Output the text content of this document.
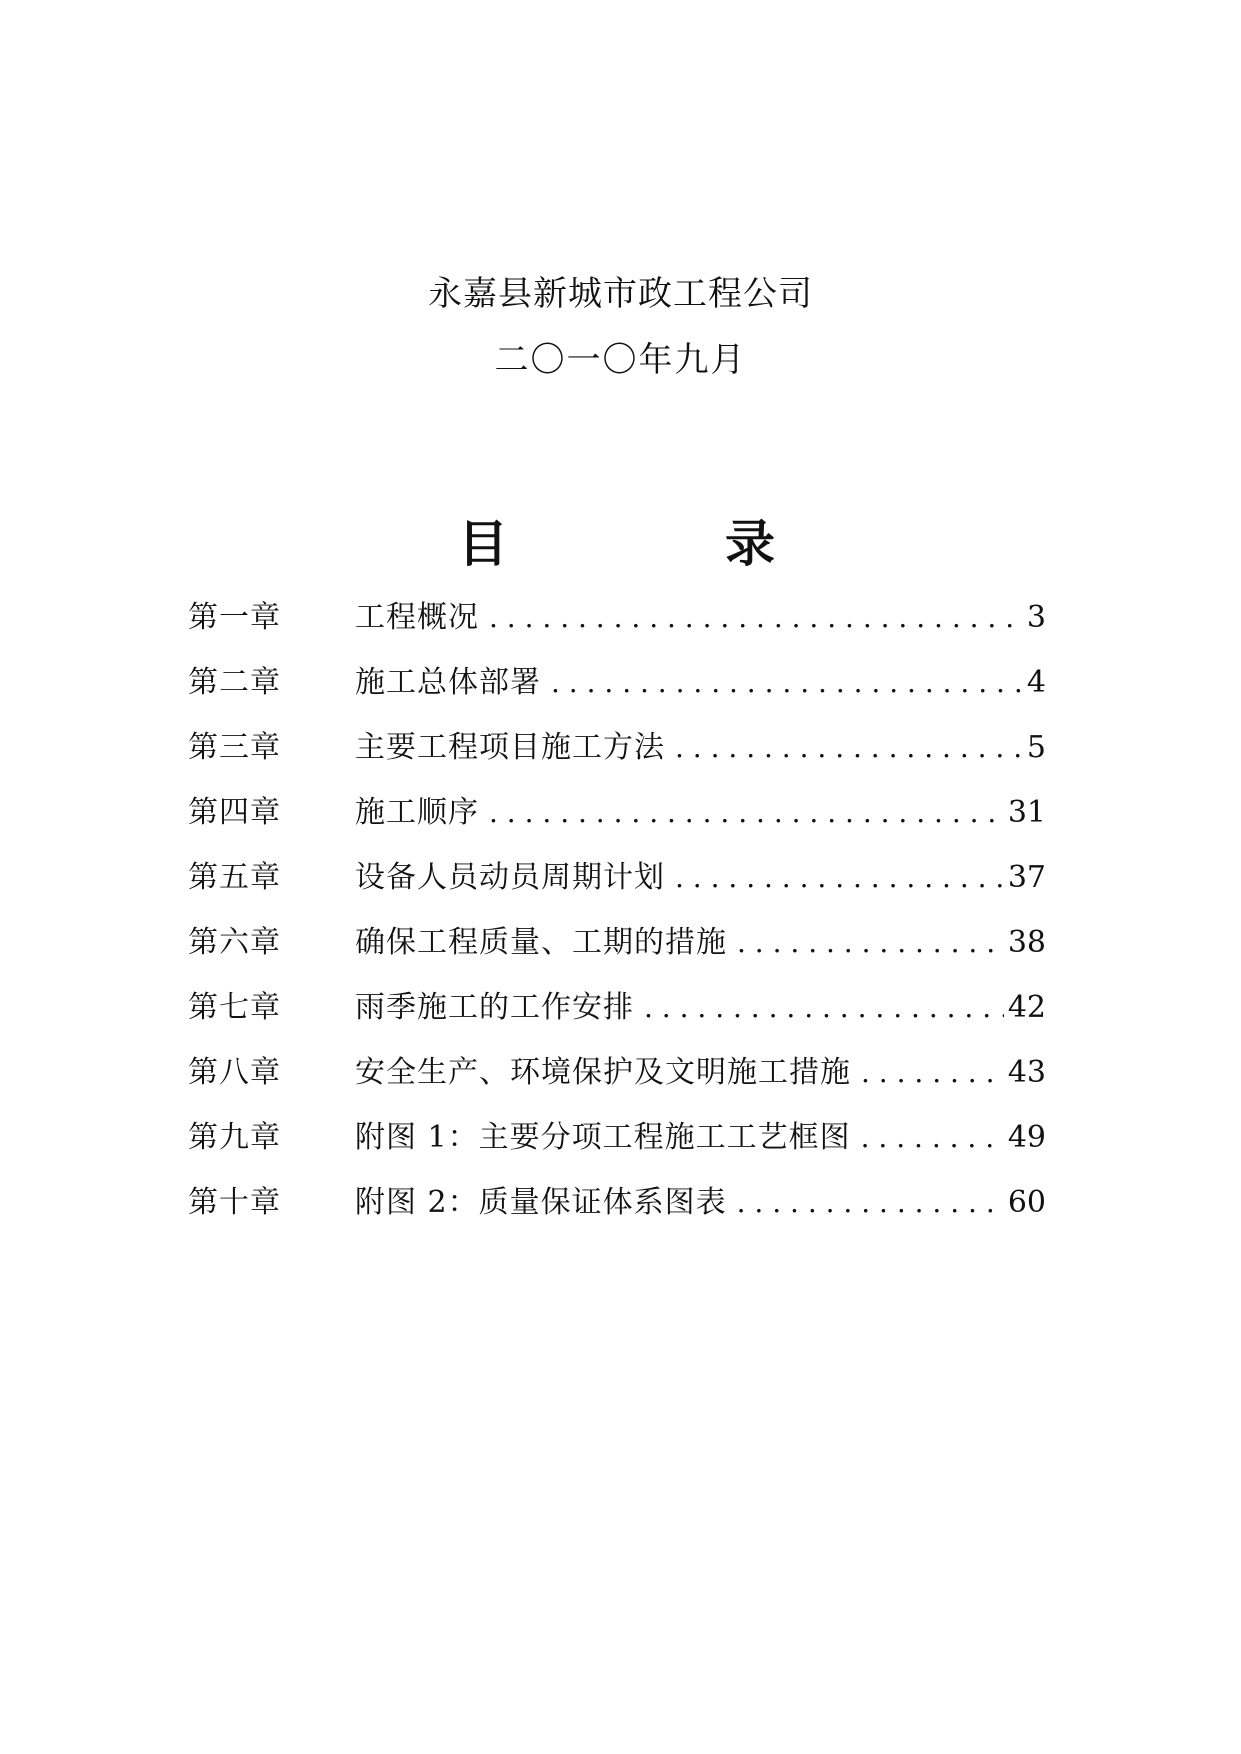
永嘉县新城市政工程公司
二〇一〇年九月
目	录
第一章	工程概况 . . .	3
第二章	施工总体部署 . . .	4
第三章	主要工程项目施工方法 . . .	5
第四章	施工顺序 . . .	31
第五章	设备人员动员周期计划 . . .	37
第六章	确保工程质量、工期的措施 . . .	38
第七章	雨季施工的工作安排 . . .	42
第八章	安全生产、环境保护及文明施工措施 . . .	43
第九章	附图 1：主要分项工程施工工艺框图 . . .	49
第十章	附图 2：质量保证体系图表 . . .	60
